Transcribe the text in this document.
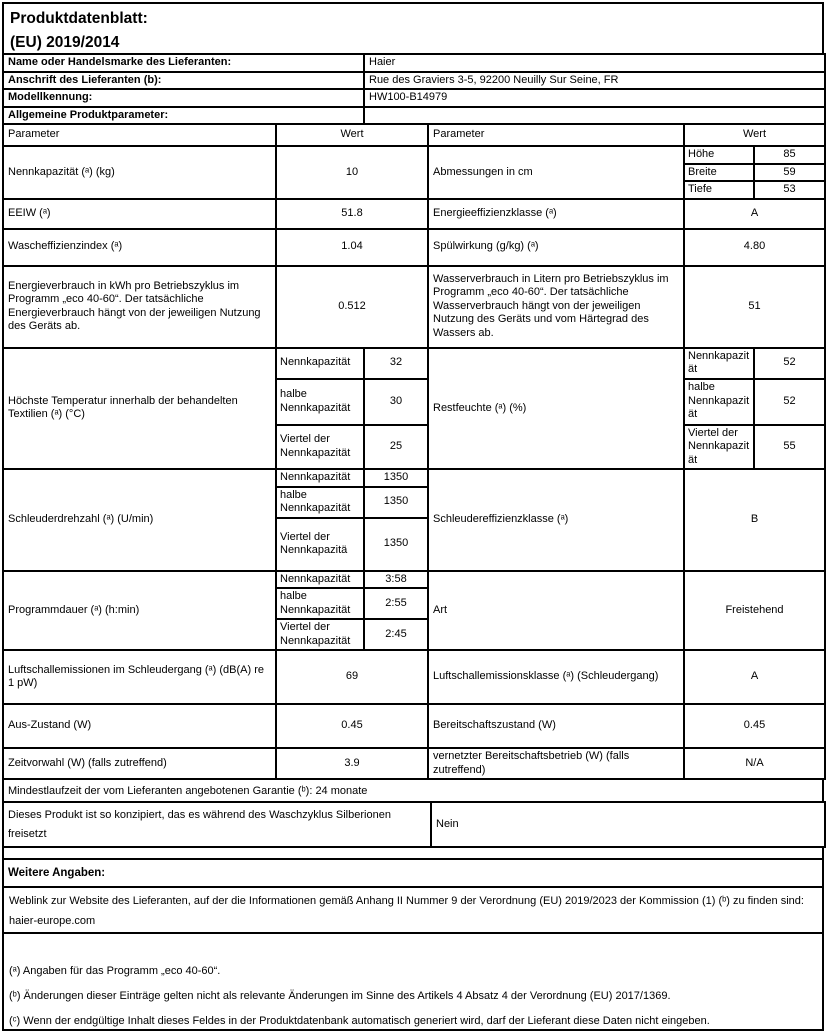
Produktdatenblatt:
(EU) 2019/2014
Name oder Handelsmarke des Lieferanten:	Haier
Anschrift des Lieferanten (b):	Rue des Graviers 3-5, 92200 Neuilly Sur Seine, FR
Modellkennung:	HW100-B14979
Allgemeine Produktparameter:	
Parameter	Wert		Parameter	Wert	
Nennkapazität (ᵃ) (kg)	10		Abmessungen in cm	Höhe	85
				Breite	59
				Tiefe	53
EEIW (ᵃ)	51.8		Energieeffizienzklasse (ᵃ)	A	
Wascheffizienzindex (ᵃ)	1.04		Spülwirkung (g/kg) (ᵃ)	4.80	
Energieverbrauch in kWh pro Betriebszyklus im Programm „eco 40-60“. Der tatsächliche Energieverbrauch hängt von der jeweiligen Nutzung des Geräts ab.	0.512		Wasserverbrauch in Litern pro Betriebszyklus im Programm „eco 40-60“. Der tatsächliche Wasserverbrauch hängt von der jeweiligen Nutzung des Geräts und vom Härtegrad des Wassers ab.	51	
Höchste Temperatur innerhalb der behandelten Textilien (ᵃ) (°C)	Nennkapazität	32	Restfeuchte (ᵃ) (%)	Nennkapazität	52
	halbe Nennkapazität	30		halbe Nennkapazität	52
	Viertel der Nennkapazität	25		Viertel der Nennkapazität	55
Schleuderdrehzahl (ᵃ) (U/min)	Nennkapazität	1350	Schleudereffizienzklasse (ᵃ)	B	
	halbe Nennkapazität	1350			
	Viertel der Nennkapazitä	1350			
Programmdauer (ᵃ) (h:min)	Nennkapazität	3:58	Art	Freistehend	
	halbe Nennkapazität	2:55			
	Viertel der Nennkapazität	2:45			
Luftschallemissionen im Schleudergang (ᵃ) (dB(A) re 1 pW)	69		Luftschallemissionsklasse (ᵃ) (Schleudergang)	A	
Aus-Zustand (W)	0.45		Bereitschaftszustand (W)	0.45	
Zeitvorwahl (W) (falls zutreffend)	3.9		vernetzter Bereitschaftsbetrieb (W) (falls zutreffend)	N/A	
Mindestlaufzeit der vom Lieferanten angebotenen Garantie (ᵇ): 24 monate
Dieses Produkt ist so konzipiert, das es während des Waschzyklus Silberionen freisetzt	Nein
Weitere Angaben:
Weblink zur Website des Lieferanten, auf der die Informationen gemäß Anhang II Nummer 9 der Verordnung (EU) 2019/2023 der Kommission (1) (ᵇ) zu finden sind: haier-europe.com
(ᵃ) Angaben für das Programm „eco 40-60“.
(ᵇ) Änderungen dieser Einträge gelten nicht als relevante Änderungen im Sinne des Artikels 4 Absatz 4 der Verordnung (EU) 2017/1369.
(ᶜ) Wenn der endgültige Inhalt dieses Feldes in der Produktdatenbank automatisch generiert wird, darf der Lieferant diese Daten nicht eingeben.
